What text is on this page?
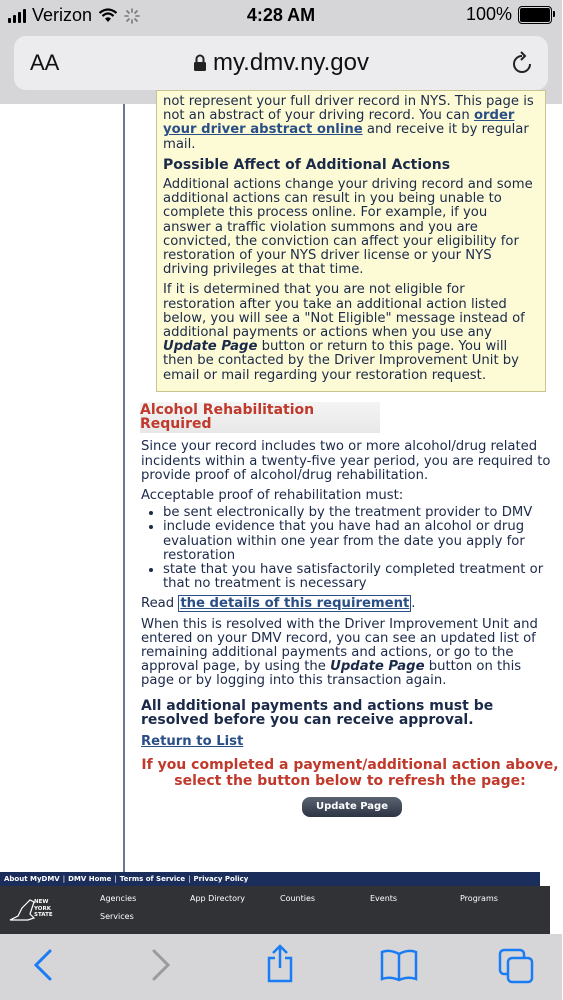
Verizon	4:28 AM	100%
AA	my.dmv.ny.gov

not represent your full driver record in NYS. This page is not an abstract of your driving record. You can order your driver abstract online and receive it by regular mail.

Possible Affect of Additional Actions

Additional actions change your driving record and some additional actions can result in you being unable to complete this process online. For example, if you answer a traffic violation summons and you are convicted, the conviction can affect your eligibility for restoration of your NYS driver license or your NYS driving privileges at that time.

If it is determined that you are not eligible for restoration after you take an additional action listed below, you will see a "Not Eligible" message instead of additional payments or actions when you use any Update Page button or return to this page. You will then be contacted by the Driver Improvement Unit by email or mail regarding your restoration request.

Alcohol Rehabilitation Required

Since your record includes two or more alcohol/drug related incidents within a twenty-five year period, you are required to provide proof of alcohol/drug rehabilitation.

Acceptable proof of rehabilitation must:

• be sent electronically by the treatment provider to DMV
• include evidence that you have had an alcohol or drug evaluation within one year from the date you apply for restoration
• state that you have satisfactorily completed treatment or that no treatment is necessary

Read the details of this requirement .

When this is resolved with the Driver Improvement Unit and entered on your DMV record, you can see an updated list of remaining additional payments and actions, or go to the approval page, by using the Update Page button on this page or by logging into this transaction again.

All additional payments and actions must be resolved before you can receive approval.
Return to List
If you completed a payment/additional action above, select the button below to refresh the page:
Update Page
About MyDMV | DMV Home | Terms of Service | Privacy Policy
NEW
YORK
STATE
Agencies	App Directory	Counties	Events	Programs
Services
